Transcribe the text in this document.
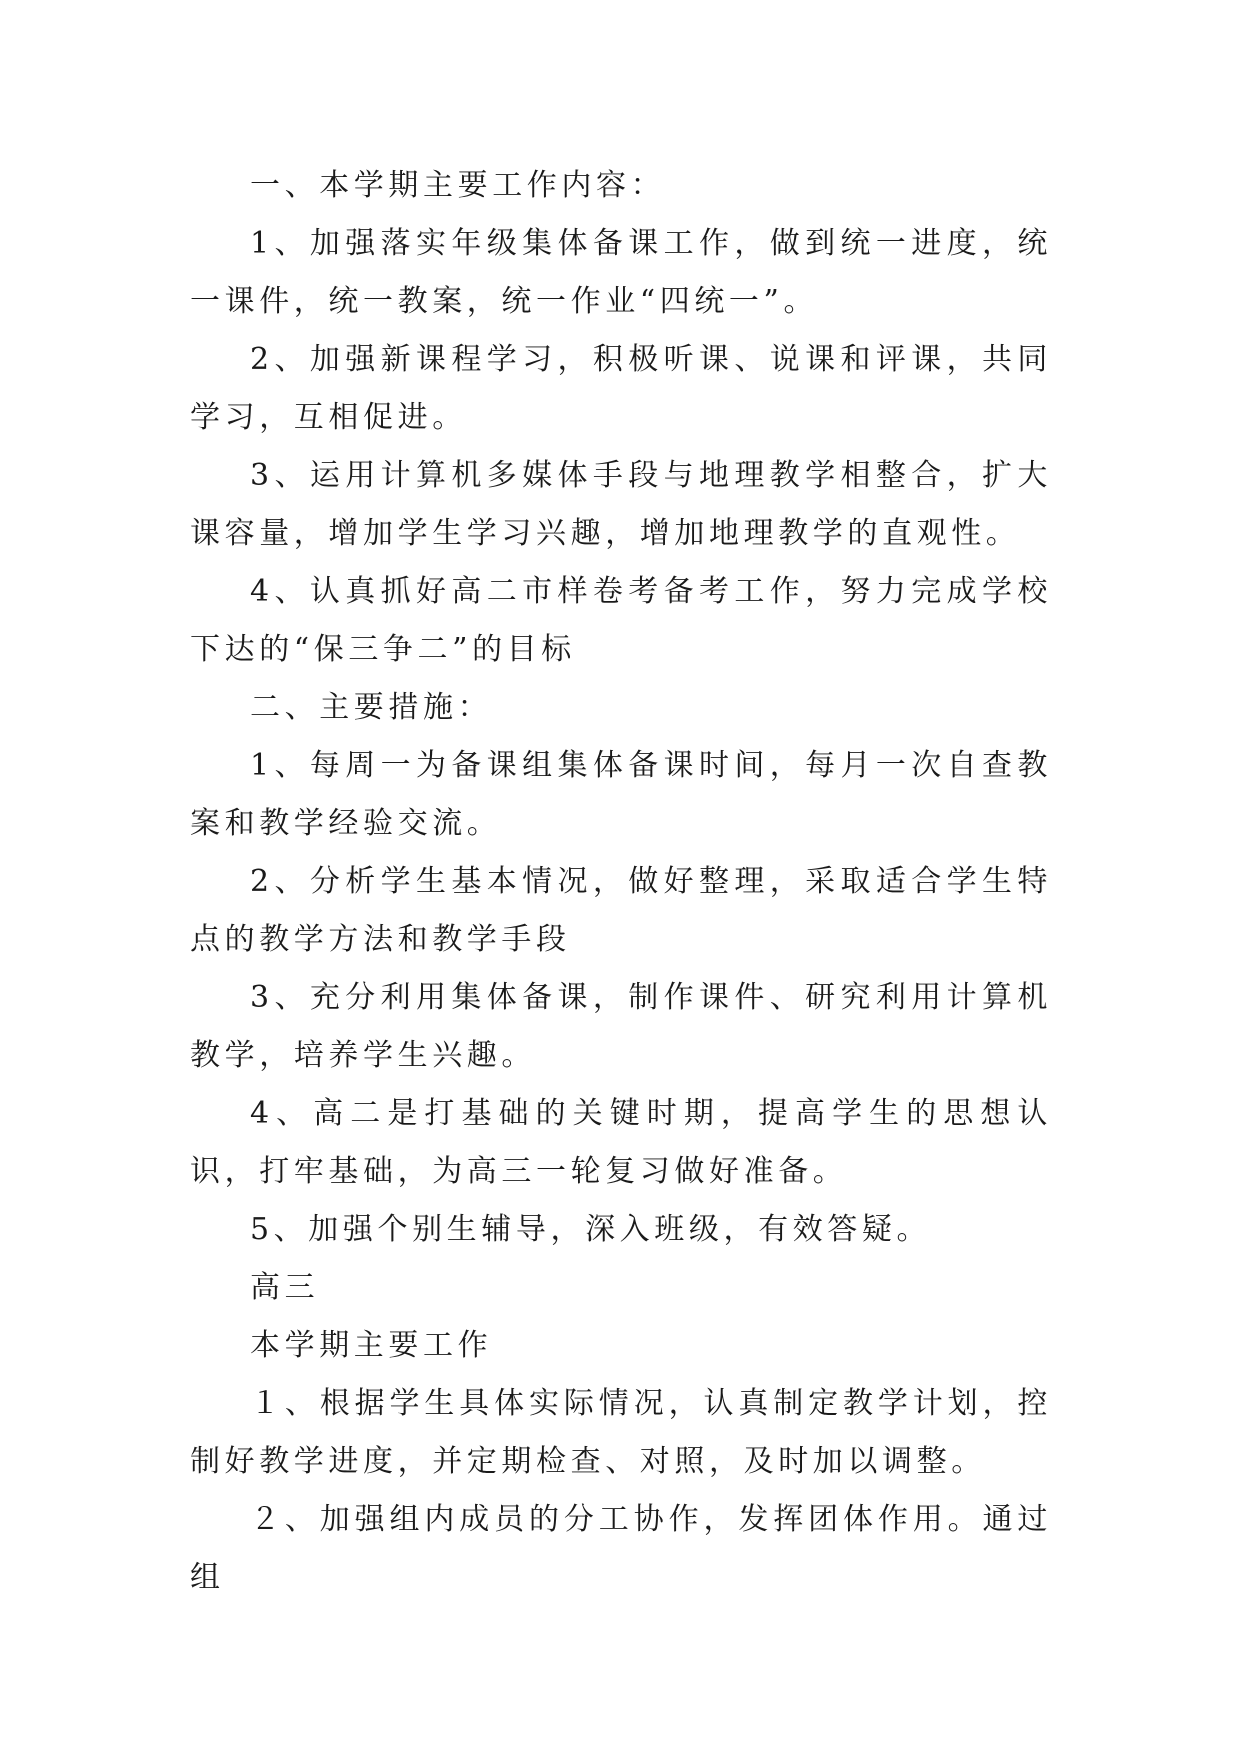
一、本学期主要工作内容：

1、加强落实年级集体备课工作，做到统一进度，统一课件，统一教案，统一作业“四统一”。

2、加强新课程学习，积极听课、说课和评课，共同学习，互相促进。

3、运用计算机多媒体手段与地理教学相整合，扩大课容量，增加学生学习兴趣，增加地理教学的直观性。

4、认真抓好高二市样卷考备考工作，努力完成学校下达的“保三争二”的目标

二、主要措施：

1、每周一为备课组集体备课时间，每月一次自查教案和教学经验交流。

2、分析学生基本情况，做好整理，采取适合学生特点的教学方法和教学手段

3、充分利用集体备课，制作课件、研究利用计算机教学，培养学生兴趣。

4、高二是打基础的关键时期，提高学生的思想认识，打牢基础，为高三一轮复习做好准备。

5、加强个别生辅导，深入班级，有效答疑。

高三

本学期主要工作

１、根据学生具体实际情况，认真制定教学计划，控制好教学进度，并定期检查、对照，及时加以调整。

２、加强组内成员的分工协作，发挥团体作用。通过组
